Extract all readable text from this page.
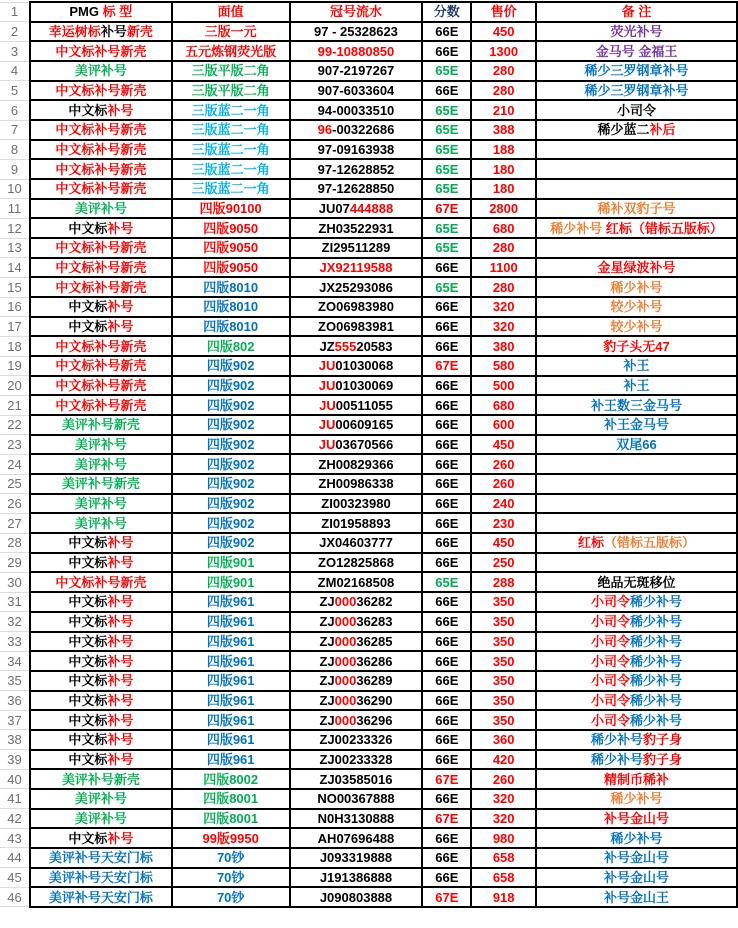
1	PMG 标 型	面值	冠号流水	分数	售价	备 注
2	幸运树标补号新壳	三版一元	97 - 25328623	66E	450	荧光补号
3	中文标补号新壳	五元炼钢荧光版	99-10880850	66E	1300	金马号 金福王
4	美评补号	三版平版二角	907-2197267	65E	280	稀少三罗钢章补号
5	中文标补号新壳	三版平版二角	907-6033604	66E	280	稀少三罗钢章补号
6	中文标补号	三版蓝二一角	94-00033510	65E	210	小司令
7	中文标补号新壳	三版蓝二一角	96-00322686	65E	388	稀少蓝二补后
8	中文标补号新壳	三版蓝二一角	97-09163938	65E	188	
9	中文标补号新壳	三版蓝二一角	97-12628852	65E	180	
10	中文标补号新壳	三版蓝二一角	97-12628850	65E	180	
11	美评补号	四版90100	JU07444888	67E	2800	稀补双豹子号
12	中文标补号	四版9050	ZH03522931	65E	680	稀少补号 红标（错标五版标）
13	中文标补号新壳	四版9050	ZI29511289	65E	280	
14	中文标补号新壳	四版9050	JX92119588	66E	1100	金星绿波补号
15	中文标补号新壳	四版8010	JX25293086	65E	280	稀少补号
16	中文标补号	四版8010	ZO06983980	66E	320	较少补号
17	中文标补号	四版8010	ZO06983981	66E	320	较少补号
18	中文标补号新壳	四版802	JZ55520583	66E	380	豹子头无47
19	中文标补号新壳	四版902	JU01030068	67E	580	补王
20	中文标补号新壳	四版902	JU01030069	66E	500	补王
21	中文标补号新壳	四版902	JU00511055	66E	680	补王数三金马号
22	美评补号新壳	四版902	JU00609165	66E	600	补王金马号
23	美评补号	四版902	JU03670566	66E	450	双尾66
24	美评补号	四版902	ZH00829366	66E	260	
25	美评补号新壳	四版902	ZH00986338	66E	260	
26	美评补号	四版902	ZI00323980	66E	240	
27	美评补号	四版902	ZI01958893	66E	230	
28	中文标补号	四版902	JX04603777	66E	450	红标（错标五版标）
29	中文标补号	四版901	ZO12825868	66E	250	
30	中文标补号新壳	四版901	ZM02168508	65E	288	绝品无斑移位
31	中文标补号	四版961	ZJ00036282	66E	350	小司令稀少补号
32	中文标补号	四版961	ZJ00036283	66E	350	小司令稀少补号
33	中文标补号	四版961	ZJ00036285	66E	350	小司令稀少补号
34	中文标补号	四版961	ZJ00036286	66E	350	小司令稀少补号
35	中文标补号	四版961	ZJ00036289	66E	350	小司令稀少补号
36	中文标补号	四版961	ZJ00036290	66E	350	小司令稀少补号
37	中文标补号	四版961	ZJ00036296	66E	350	小司令稀少补号
38	中文标补号	四版961	ZJ00233326	66E	360	稀少补号豹子身
39	中文标补号	四版961	ZJ00233328	66E	420	稀少补号豹子身
40	美评补号新壳	四版8002	ZJ03585016	67E	260	精制币稀补
41	美评补号	四版8001	NO00367888	66E	320	稀少补号
42	美评补号	四版8001	N0H3130888	67E	320	补号金山号
43	中文标补号	99版9950	AH07696488	66E	980	稀少补号
44	美评补号天安门标	70钞	J093319888	66E	658	补号金山号
45	美评补号天安门标	70钞	J191386888	66E	658	补号金山号
46	美评补号天安门标	70钞	J090803888	67E	918	补号金山王
